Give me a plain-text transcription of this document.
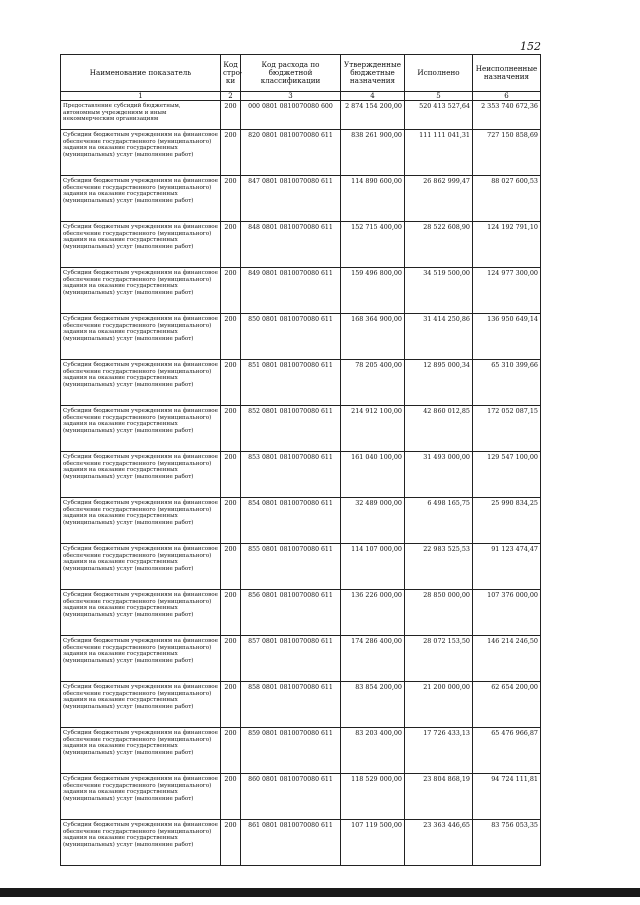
152
Наименование показатель	Код стро-ки	Код расхода по бюджетной классификации	Утвержденные бюджетные назначения	Исполнено	Неисполненные назначения
1	2	3	4	5	6
Предоставление субсидий бюджетным, автономным учреждениям и иным некоммерческим организациям	200	000 0801 0810070080 600	2 874 154 200,00	520 413 527,64	2 353 740 672,36
Субсидии бюджетным учреждениям на финансовое обеспечение государственного (муниципального) задания на оказание государственных (муниципальных) услуг (выполнение работ)	200	820 0801 0810070080 611	838 261 900,00	111 111 041,31	727 150 858,69
Субсидии бюджетным учреждениям на финансовое обеспечение государственного (муниципального) задания на оказание государственных (муниципальных) услуг (выполнение работ)	200	847 0801 0810070080 611	114 890 600,00	26 862 999,47	88 027 600,53
Субсидии бюджетным учреждениям на финансовое обеспечение государственного (муниципального) задания на оказание государственных (муниципальных) услуг (выполнение работ)	200	848 0801 0810070080 611	152 715 400,00	28 522 608,90	124 192 791,10
Субсидии бюджетным учреждениям на финансовое обеспечение государственного (муниципального) задания на оказание государственных (муниципальных) услуг (выполнение работ)	200	849 0801 0810070080 611	159 496 800,00	34 519 500,00	124 977 300,00
Субсидии бюджетным учреждениям на финансовое обеспечение государственного (муниципального) задания на оказание государственных (муниципальных) услуг (выполнение работ)	200	850 0801 0810070080 611	168 364 900,00	31 414 250,86	136 950 649,14
Субсидии бюджетным учреждениям на финансовое обеспечение государственного (муниципального) задания на оказание государственных (муниципальных) услуг (выполнение работ)	200	851 0801 0810070080 611	78 205 400,00	12 895 000,34	65 310 399,66
Субсидии бюджетным учреждениям на финансовое обеспечение государственного (муниципального) задания на оказание государственных (муниципальных) услуг (выполнение работ)	200	852 0801 0810070080 611	214 912 100,00	42 860 012,85	172 052 087,15
Субсидии бюджетным учреждениям на финансовое обеспечение государственного (муниципального) задания на оказание государственных (муниципальных) услуг (выполнение работ)	200	853 0801 0810070080 611	161 040 100,00	31 493 000,00	129 547 100,00
Субсидии бюджетным учреждениям на финансовое обеспечение государственного (муниципального) задания на оказание государственных (муниципальных) услуг (выполнение работ)	200	854 0801 0810070080 611	32 489 000,00	6 498 165,75	25 990 834,25
Субсидии бюджетным учреждениям на финансовое обеспечение государственного (муниципального) задания на оказание государственных (муниципальных) услуг (выполнение работ)	200	855 0801 0810070080 611	114 107 000,00	22 983 525,53	91 123 474,47
Субсидии бюджетным учреждениям на финансовое обеспечение государственного (муниципального) задания на оказание государственных (муниципальных) услуг (выполнение работ)	200	856 0801 0810070080 611	136 226 000,00	28 850 000,00	107 376 000,00
Субсидии бюджетным учреждениям на финансовое обеспечение государственного (муниципального) задания на оказание государственных (муниципальных) услуг (выполнение работ)	200	857 0801 0810070080 611	174 286 400,00	28 072 153,50	146 214 246,50
Субсидии бюджетным учреждениям на финансовое обеспечение государственного (муниципального) задания на оказание государственных (муниципальных) услуг (выполнение работ)	200	858 0801 0810070080 611	83 854 200,00	21 200 000,00	62 654 200,00
Субсидии бюджетным учреждениям на финансовое обеспечение государственного (муниципального) задания на оказание государственных (муниципальных) услуг (выполнение работ)	200	859 0801 0810070080 611	83 203 400,00	17 726 433,13	65 476 966,87
Субсидии бюджетным учреждениям на финансовое обеспечение государственного (муниципального) задания на оказание государственных (муниципальных) услуг (выполнение работ)	200	860 0801 0810070080 611	118 529 000,00	23 804 868,19	94 724 111,81
Субсидии бюджетным учреждениям на финансовое обеспечение государственного (муниципального) задания на оказание государственных (муниципальных) услуг (выполнение работ)	200	861 0801 0810070080 611	107 119 500,00	23 363 446,65	83 756 053,35
